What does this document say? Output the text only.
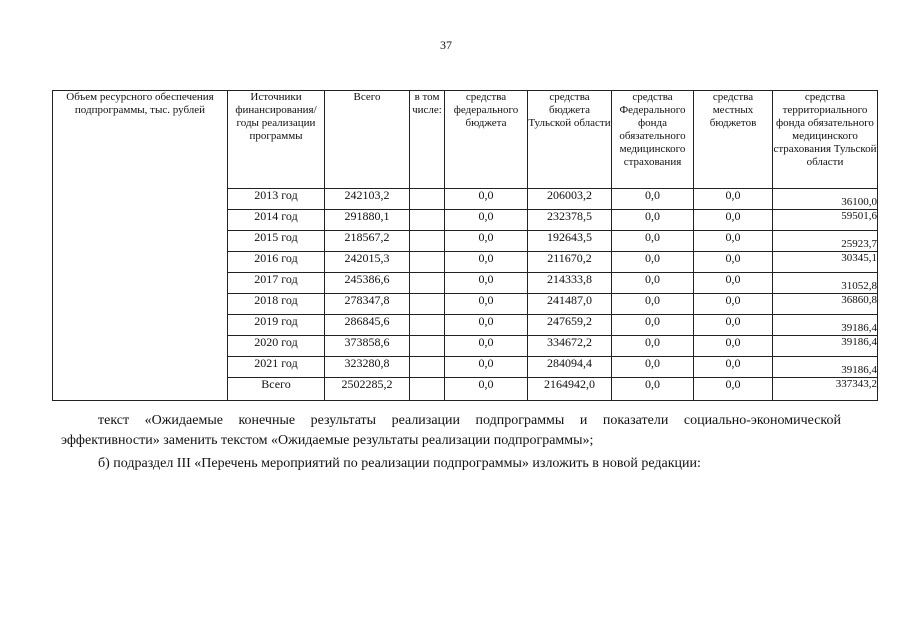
37
Объем ресурсного обеспечения подпрограммы, тыс. рублей	Источники финансирования/ годы реализации программы	Всего	в том числе:	средства федерального бюджета	средства бюджета Тульской области	средства Федерального фонда обязательного медицинского страхования	средства местных бюджетов	средства территориального фонда обязательного медицинского страхования Тульской области
	2013 год	242103,2		0,0	206003,2	0,0	0,0	36100,0
	2014 год	291880,1		0,0	232378,5	0,0	0,0	59501,6
	2015 год	218567,2		0,0	192643,5	0,0	0,0	25923,7
	2016 год	242015,3		0,0	211670,2	0,0	0,0	30345,1
	2017 год	245386,6		0,0	214333,8	0,0	0,0	31052,8
	2018 год	278347,8		0,0	241487,0	0,0	0,0	36860,8
	2019 год	286845,6		0,0	247659,2	0,0	0,0	39186,4
	2020 год	373858,6		0,0	334672,2	0,0	0,0	39186,4
	2021 год	323280,8		0,0	284094,4	0,0	0,0	39186,4
	Всего	2502285,2		0,0	2164942,0	0,0	0,0	337343,2

текст «Ожидаемые конечные результаты реализации подпрограммы и показатели социально-экономической

эффективности» заменить текстом «Ожидаемые результаты реализации подпрограммы»;

б) подраздел III «Перечень мероприятий по реализации подпрограммы» изложить в новой редакции:
